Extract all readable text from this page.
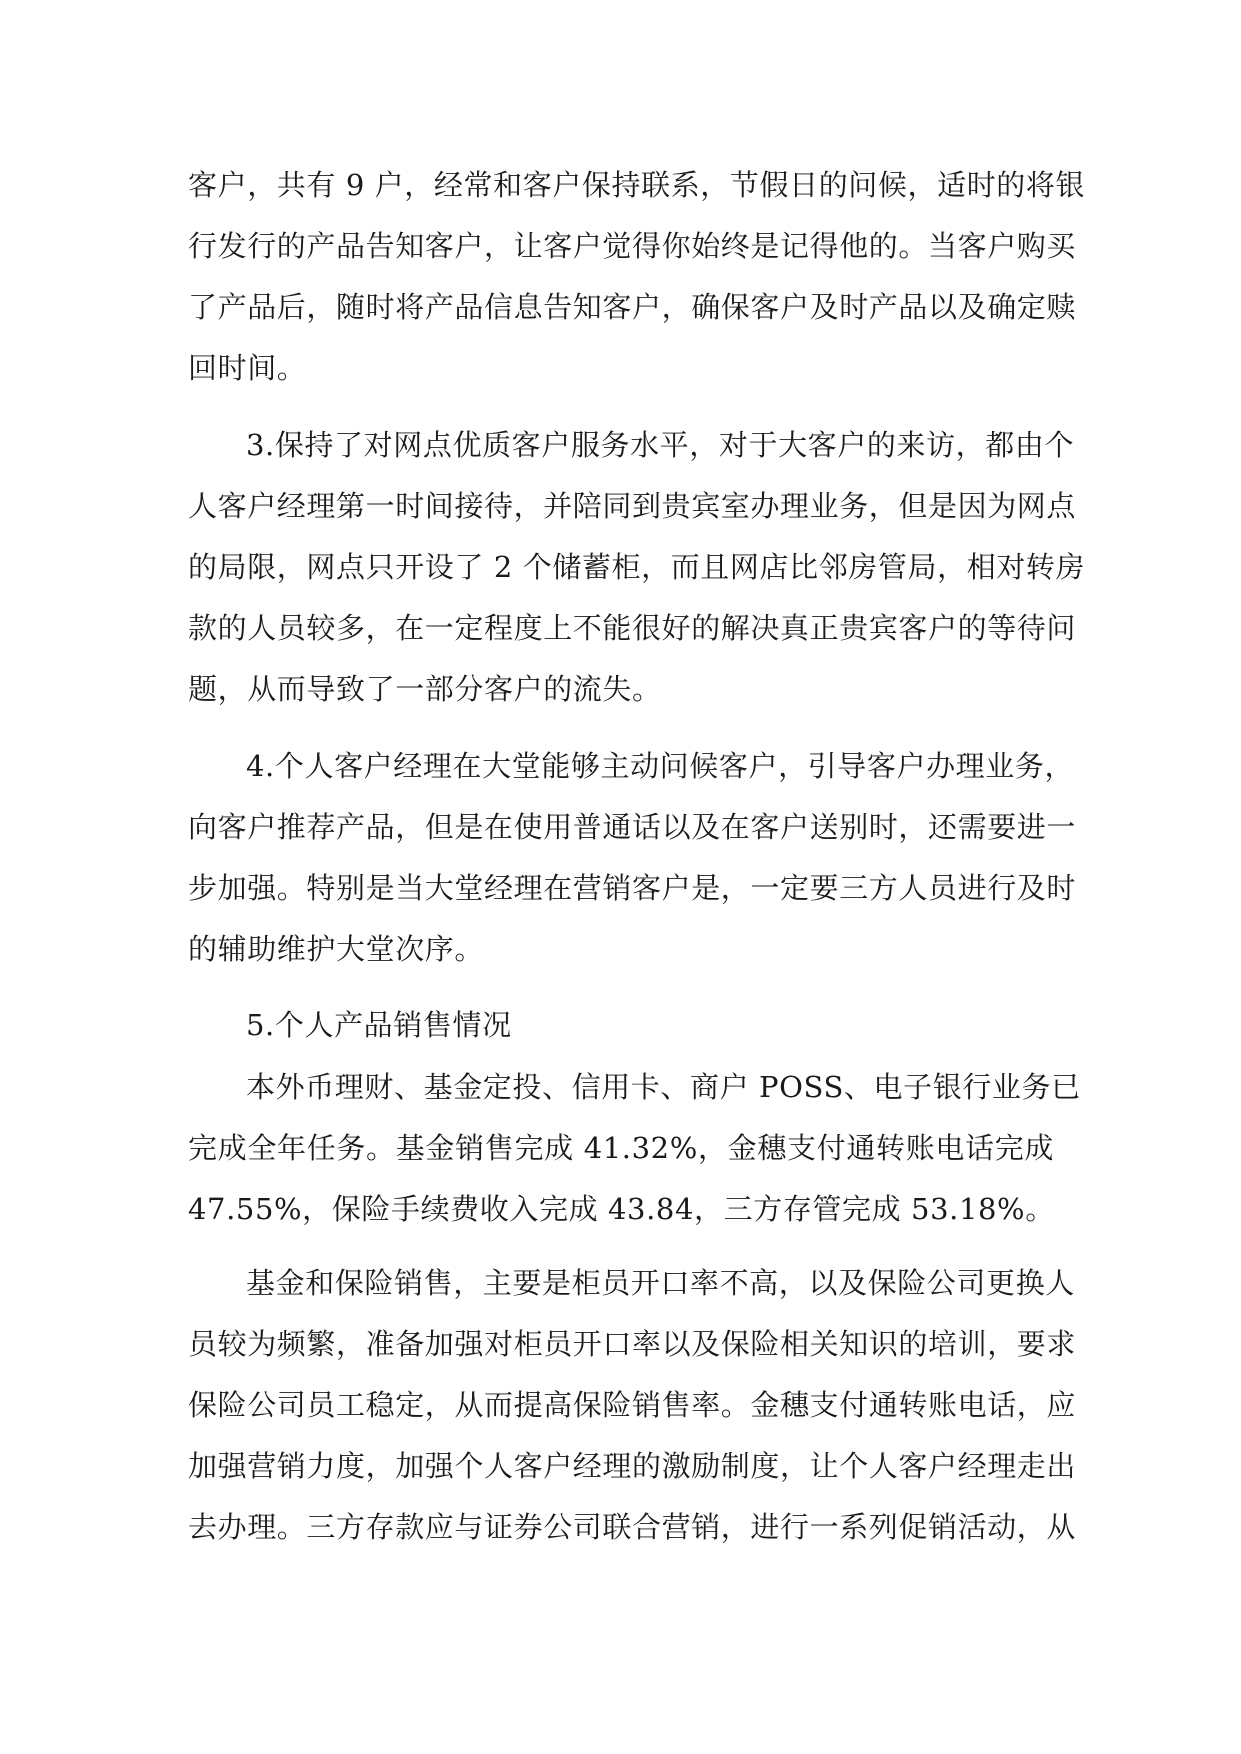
客户，共有 9 户，经常和客户保持联系，节假日的问候，适时的将银
行发行的产品告知客户，让客户觉得你始终是记得他的。当客户购买
了产品后，随时将产品信息告知客户，确保客户及时产品以及确定赎
回时间。
3.保持了对网点优质客户服务水平，对于大客户的来访，都由个
人客户经理第一时间接待，并陪同到贵宾室办理业务，但是因为网点
的局限，网点只开设了 2 个储蓄柜，而且网店比邻房管局，相对转房
款的人员较多，在一定程度上不能很好的解决真正贵宾客户的等待问
题，从而导致了一部分客户的流失。
4.个人客户经理在大堂能够主动问候客户，引导客户办理业务，
向客户推荐产品，但是在使用普通话以及在客户送别时，还需要进一
步加强。特别是当大堂经理在营销客户是，一定要三方人员进行及时
的辅助维护大堂次序。
5.个人产品销售情况
本外币理财、基金定投、信用卡、商户 POSS、电子银行业务已
完成全年任务。基金销售完成 41.32%，金穗支付通转账电话完成
47.55%，保险手续费收入完成 43.84，三方存管完成 53.18%。
基金和保险销售，主要是柜员开口率不高，以及保险公司更换人
员较为频繁，准备加强对柜员开口率以及保险相关知识的培训，要求
保险公司员工稳定，从而提高保险销售率。金穗支付通转账电话，应
加强营销力度，加强个人客户经理的激励制度，让个人客户经理走出
去办理。三方存款应与证券公司联合营销，进行一系列促销活动，从
